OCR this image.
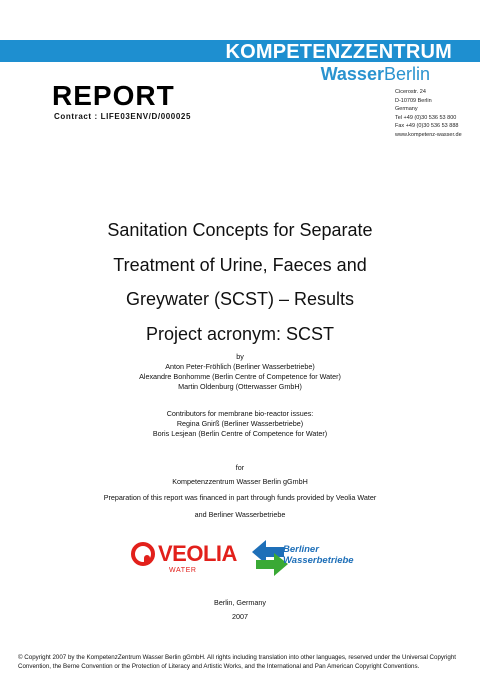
KOMPETENZZENTRUM
WasserBerlin
REPORT
Contract : LIFE03ENV/D/000025
Cicerostr. 24
D-10709 Berlin
Germany
Tel +49 (0)30 536 53 800
Fax +49 (0)30 536 53 888
www.kompetenz-wasser.de
Sanitation Concepts for Separate
Treatment of Urine, Faeces and
Greywater (SCST) – Results
Project acronym: SCST
by
Anton Peter-Fröhlich (Berliner Wasserbetriebe)
Alexandre Bonhomme (Berlin Centre of Competence for Water)
Martin Oldenburg (Otterwasser GmbH)
Contributors for membrane bio-reactor issues:
Regina Gnirß (Berliner Wasserbetriebe)
Boris Lesjean (Berlin Centre of Competence for Water)
for
Kompetenzzentrum Wasser Berlin gGmbH
Preparation of this report was financed in part through funds provided by Veolia Water
and Berliner Wasserbetriebe
VEOLIA
WATER
Berliner
Wasserbetriebe
Berlin, Germany
2007
© Copyright 2007 by the KompetenzZentrum Wasser Berlin gGmbH. All rights including translation into other languages, reserved under the Universal Copyright Convention, the Berne Convention or the Protection of Literacy and Artistic Works, and the International and Pan American Copyright Conventions.
